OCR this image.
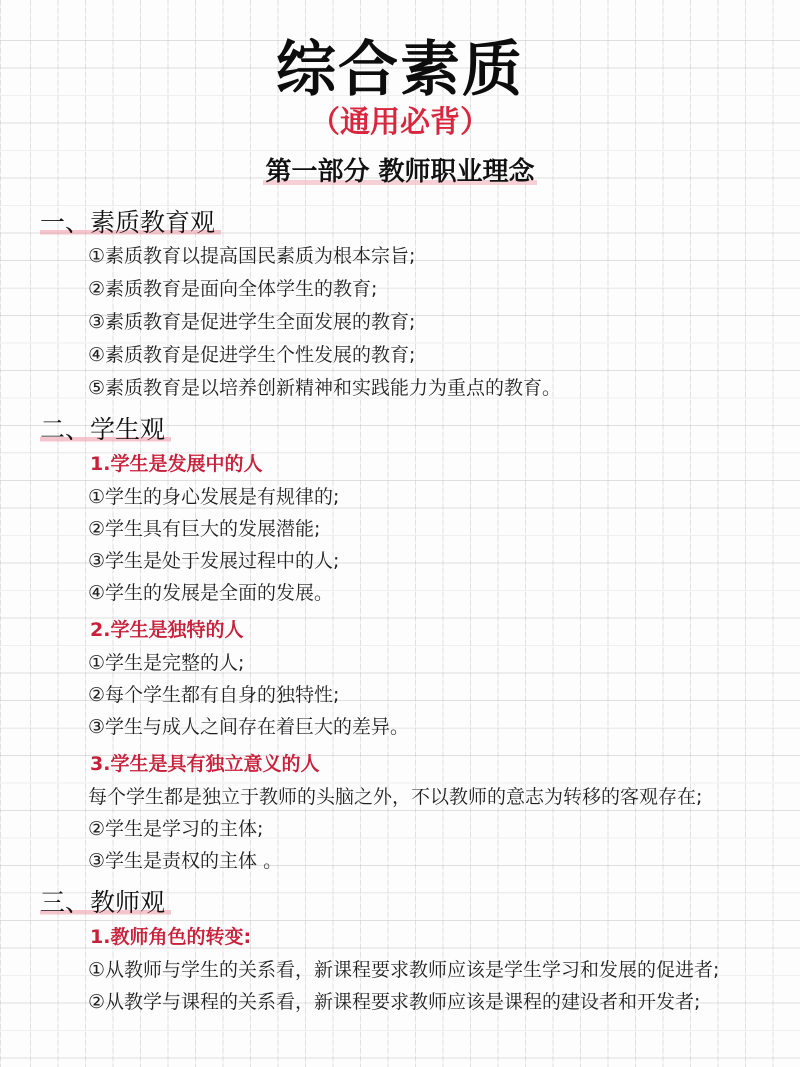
综合素质
（通用必背）
第一部分 教师职业理念
一、素质教育观
①素质教育以提高国民素质为根本宗旨;
②素质教育是面向全体学生的教育;
③素质教育是促进学生全面发展的教育;
④素质教育是促进学生个性发展的教育;
⑤素质教育是以培养创新精神和实践能力为重点的教育。
二、学生观
1.学生是发展中的人
①学生的身心发展是有规律的;
②学生具有巨大的发展潜能;
③学生是处于发展过程中的人;
④学生的发展是全面的发展。
2.学生是独特的人
①学生是完整的人;
②每个学生都有自身的独特性;
③学生与成人之间存在着巨大的差异。
3.学生是具有独立意义的人
每个学生都是独立于教师的头脑之外，不以教师的意志为转移的客观存在;
②学生是学习的主体;
③学生是责权的主体 。
三、教师观
1.教师角色的转变:
①从教师与学生的关系看，新课程要求教师应该是学生学习和发展的促进者;
②从教学与课程的关系看，新课程要求教师应该是课程的建设者和开发者;
